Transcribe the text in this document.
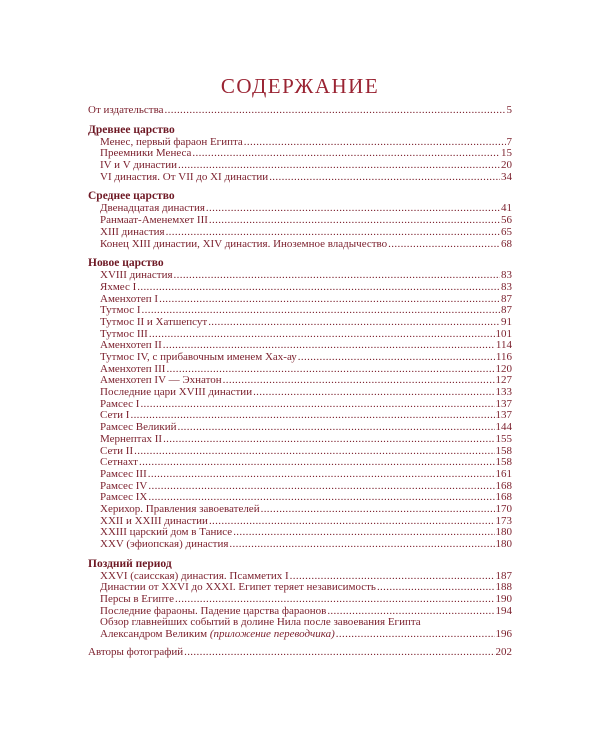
СОДЕРЖАНИЕ
От издательства . . .	5
Древнее царство
Менес, первый фараон Египта . . .	7
Преемники Менеса . . .	15
IV и V династии . . .	20
VI династия. От VII до XI династии . . .	34
Среднее царство
Двенадцатая династия . . .	41
Ранмаат-Аменемхет III . . .	56
XIII династия . . .	65
Конец XIII династии, XIV династия. Иноземное владычество . . .	68
Новое царство
XVIII династия . . .	83
Яхмес I . . .	83
Аменхотеп I . . .	87
Тутмос I . . .	87
Тутмос II и Хатшепсут . . .	91
Тутмос III . . .	101
Аменхотеп II . . .	114
Тутмос IV, с прибавочным именем Хах-ау . . .	116
Аменхотеп III . . .	120
Аменхотеп IV — Эхнатон . . .	127
Последние цари XVIII династии . . .	133
Рамсес I . . .	137
Сети I . . .	137
Рамсес Великий . . .	144
Мернептах II . . .	155
Сети II . . .	158
Сетнахт . . .	158
Рамсес III . . .	161
Рамсес IV . . .	168
Рамсес IX . . .	168
Херихор. Правления завоевателей . . .	170
XXII и XXIII династии . . .	173
XXIII царский дом в Танисе . . .	180
XXV (эфиопская) династия . . .	180
Поздний период
XXVI (саисская) династия. Псамметих I . . .	187
Династии от XXVI до XXXI. Египет теряет независимость . . .	188
Персы в Египте . . .	190
Последние фараоны. Падение царства фараонов . . .	194
Обзор главнейших событий в долине Нила после завоевания Египта
Александром Великим (приложение переводчика) . . .	196
Авторы фотографий . . .	202
